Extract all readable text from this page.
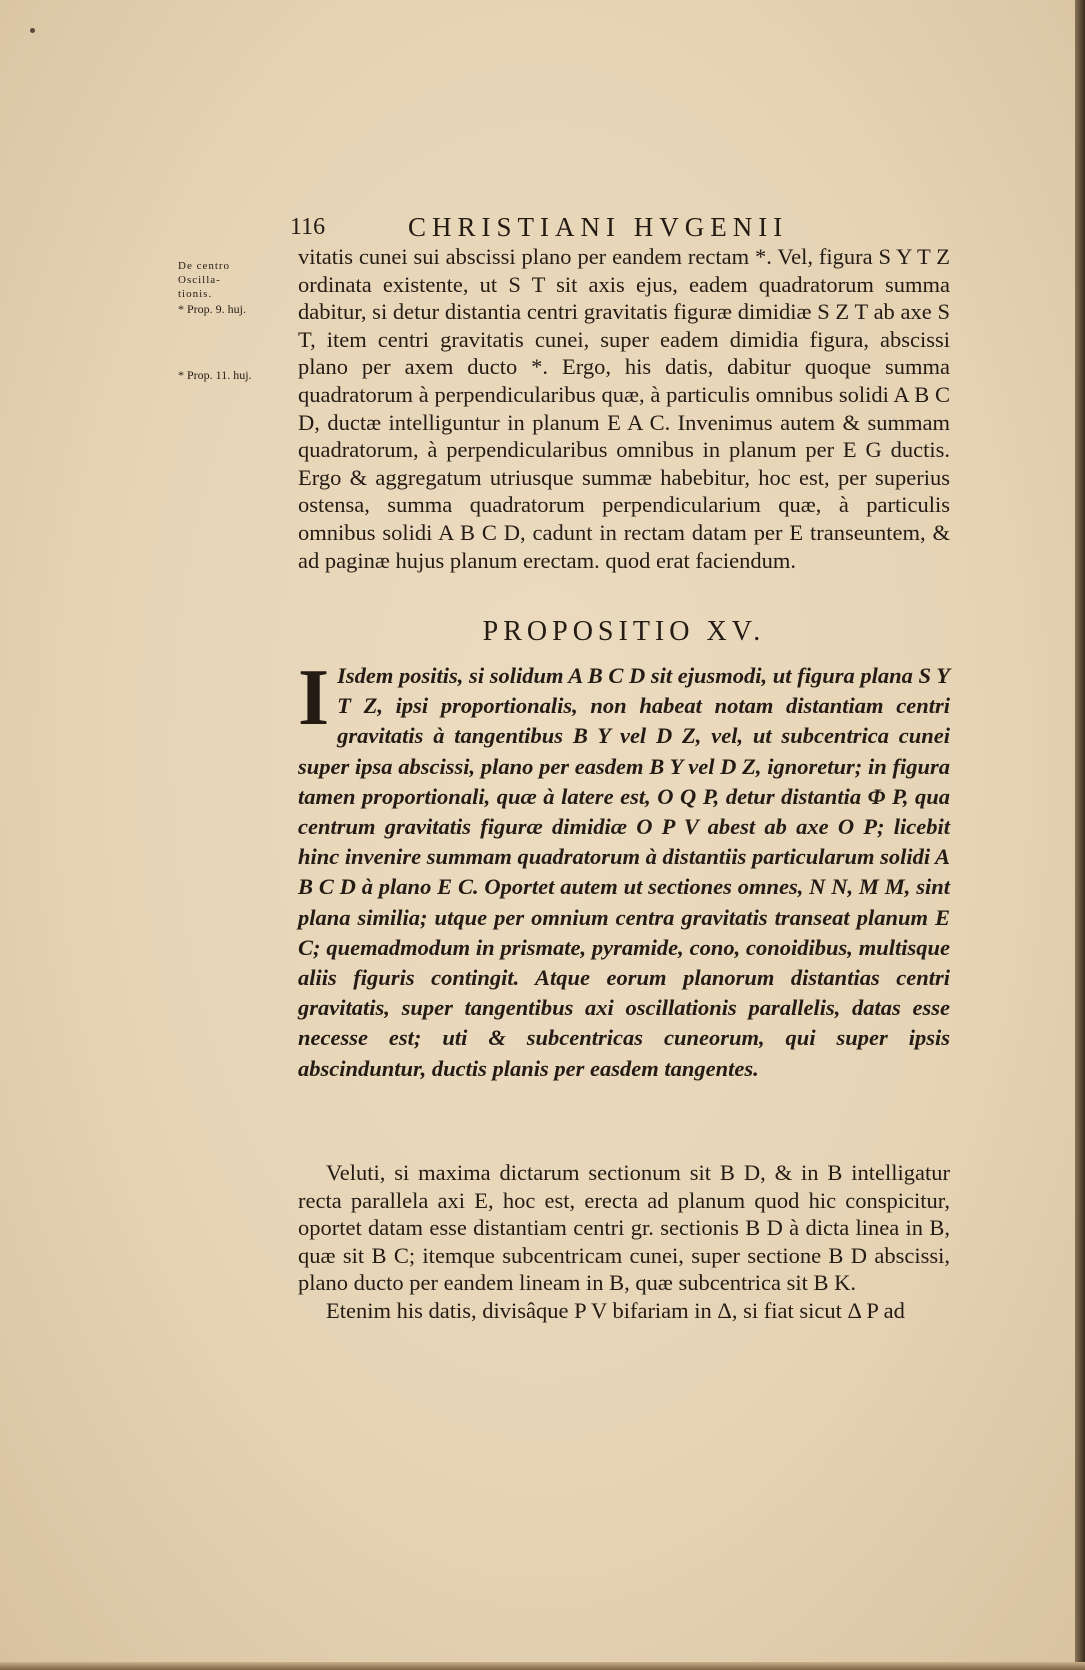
116	CHRISTIANI HVGENII
De centro
Oscilla-
tionis.
* Prop. 9. huj.
* Prop. 11. huj.

vitatis cunei sui abscissi plano per eandem rectam *. Vel, figura S Y T Z ordinata existente, ut S T sit axis ejus, eadem quadratorum summa dabitur, si detur distantia centri gravitatis figuræ dimidiæ S Z T ab axe S T, item centri gravitatis cunei, super eadem dimidia figura, abscissi plano per axem ducto *. Ergo, his datis, dabitur quoque summa quadratorum à perpendicularibus quæ, à particulis omnibus solidi A B C D, ductæ intelliguntur in planum E A C. Invenimus autem & summam quadratorum, à perpendicularibus omnibus in planum per E G ductis. Ergo & aggregatum utriusque summæ habebitur, hoc est, per superius ostensa, summa quadratorum perpendicularium quæ, à particulis omnibus solidi A B C D, cadunt in rectam datam per E transeuntem, & ad paginæ hujus planum erectam. quod erat faciendum.

PROPOSITIO XV.
I Isdem positis, si solidum A B C D sit ejusmodi, ut figura plana S Y T Z, ipsi proportionalis, non habeat notam distantiam centri gravitatis à tangentibus B Y vel D Z, vel, ut subcentrica cunei super ipsa abscissi, plano per easdem B Y vel D Z, ignoretur; in figura tamen proportionali, quæ à latere est, O Q P, detur distantia Φ P, qua centrum gravitatis figuræ dimidiæ O P V abest ab axe O P; licebit hinc invenire summam quadratorum à distantiis particularum solidi A B C D à plano E C. Oportet autem ut sectiones omnes, N N, M M, sint plana similia; utque per omnium centra gravitatis transeat planum E C; quemadmodum in prismate, pyramide, cono, conoidibus, multisque aliis figuris contingit. Atque eorum planorum distantias centri gravitatis, super tangentibus axi oscillationis parallelis, datas esse necesse est; uti & subcentricas cuneorum, qui super ipsis abscinduntur, ductis planis per easdem tangentes.

Veluti, si maxima dictarum sectionum sit B D, & in B intelligatur recta parallela axi E, hoc est, erecta ad planum quod hic conspicitur, oportet datam esse distantiam centri gr. sectionis B D à dicta linea in B, quæ sit B C; itemque subcentricam cunei, super sectione B D abscissi, plano ducto per eandem lineam in B, quæ subcentrica sit B K.

Etenim his datis, divisâque P V bifariam in Δ, si fiat sicut Δ P ad
